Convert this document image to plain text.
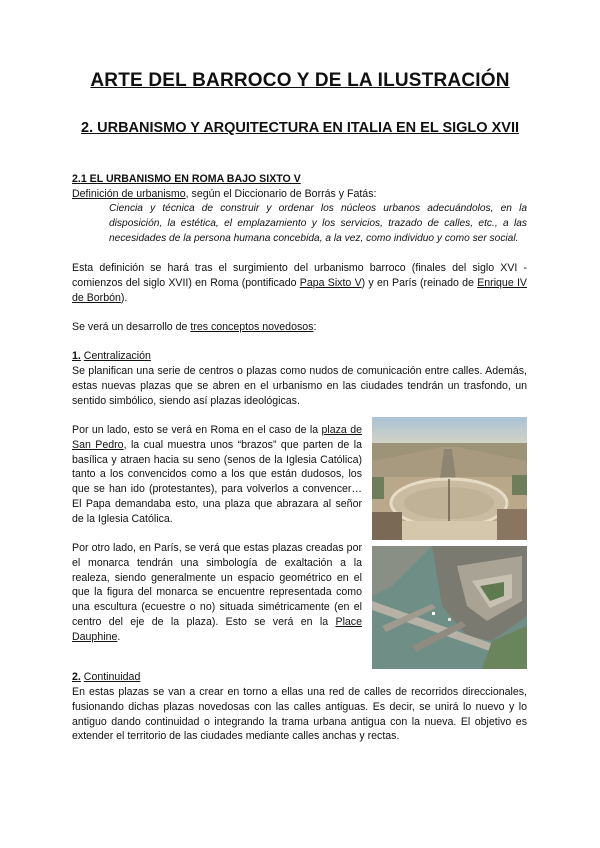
ARTE DEL BARROCO Y DE LA ILUSTRACIÓN
2. URBANISMO Y ARQUITECTURA EN ITALIA EN EL SIGLO XVII

2.1 EL URBANISMO EN ROMA BAJO SIXTO V

Definición de urbanismo, según el Diccionario de Borrás y Fatás:

Ciencia y técnica de construir y ordenar los núcleos urbanos adecuándolos, en la disposición, la estética, el emplazamiento y los servicios, trazado de calles, etc., a las necesidades de la persona humana concebida, a la vez, como individuo y como ser social.

Esta definición se hará tras el surgimiento del urbanismo barroco (finales del siglo XVI - comienzos del siglo XVII) en Roma (pontificado Papa Sixto V) y en París (reinado de Enrique IV de Borbón).

Se verá un desarrollo de tres conceptos novedosos:

1. Centralización

Se planifican una serie de centros o plazas como nudos de comunicación entre calles. Además, estas nuevas plazas que se abren en el urbanismo en las ciudades tendrán un trasfondo, un sentido simbólico, siendo así plazas ideológicas.

Por un lado, esto se verá en Roma en el caso de la plaza de San Pedro, la cual muestra unos “brazos” que parten de la basílica y atraen hacia su seno (senos de la Iglesia Católica) tanto a los convencidos como a los que están dudosos, los que se han ido (protestantes), para volverlos a convencer… El Papa demandaba esto, una plaza que abrazara al señor de la Iglesia Católica.

Por otro lado, en París, se verá que estas plazas creadas por el monarca tendrán una simbología de exaltación a la realeza, siendo generalmente un espacio geométrico en el que la figura del monarca se encuentre representada como una escultura (ecuestre o no) situada simétricamente (en el centro del eje de la plaza). Esto se verá en la Place Dauphine.

2. Continuidad

En estas plazas se van a crear en torno a ellas una red de calles de recorridos direccionales, fusionando dichas plazas novedosas con las calles antiguas. Es decir, se unirá lo nuevo y lo antiguo dando continuidad o integrando la trama urbana antigua con la nueva. El objetivo es extender el territorio de las ciudades mediante calles anchas y rectas.
